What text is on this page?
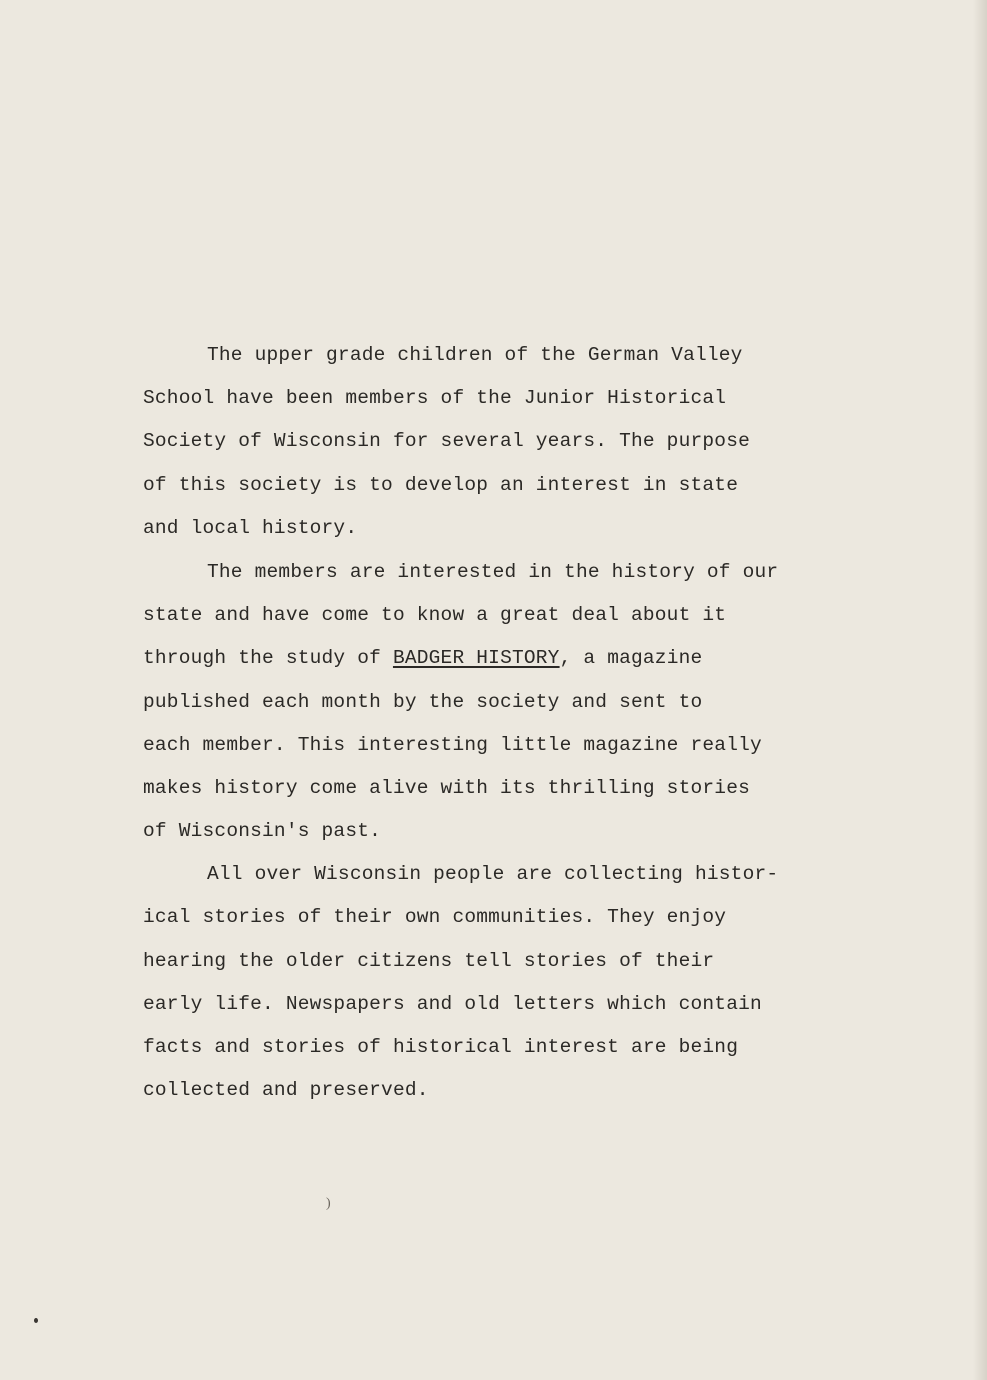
The upper grade children of the German Valley
School have been members of the Junior Historical
Society of Wisconsin for several years. The purpose
of this society is to develop an interest in state
and local history.
The members are interested in the history of our
state and have come to know a great deal about it
through the study of BADGER HISTORY, a magazine
published each month by the society and sent to
each member. This interesting little magazine really
makes history come alive with its thrilling stories
of Wisconsin's past.
All over Wisconsin people are collecting histor-
ical stories of their own communities. They enjoy
hearing the older citizens tell stories of their
early life. Newspapers and old letters which contain
facts and stories of historical interest are being
collected and preserved.
)
